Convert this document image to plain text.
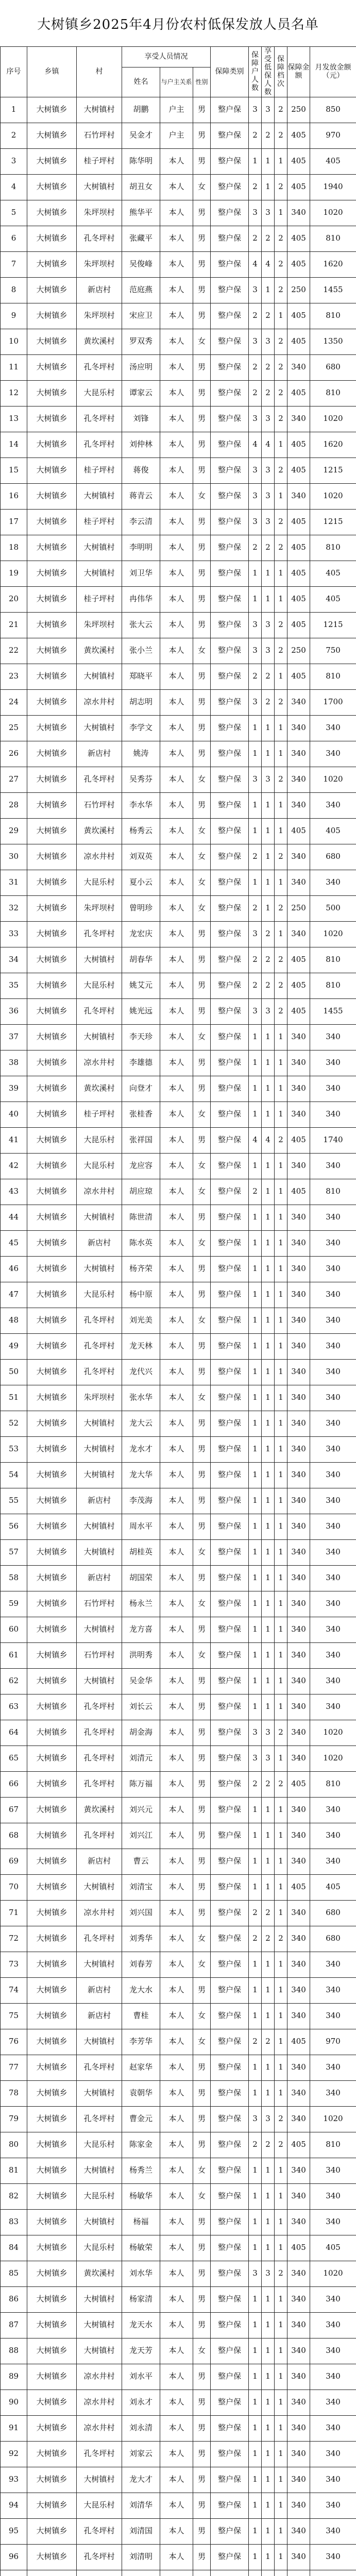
大树镇乡2025年4月份农村低保发放人员名单
序号	乡镇	村	享受人员情况			保障类别	保障户人数	享受低保人数	保障档次	保障金额	月发放金额（元）
			姓名	与户主关系	性别						
1	大树镇乡	大树镇村	胡鹏	户主	男	整户保	3	3	2	250	850
2	大树镇乡	石竹坪村	吴金才	户主	男	整户保	2	2	2	405	970
3	大树镇乡	桂子坪村	陈华明	本人	男	整户保	1	1	1	405	405
4	大树镇乡	大树镇村	胡丑女	本人	女	整户保	2	1	2	405	1940
5	大树镇乡	朱坪坝村	熊华平	本人	男	整户保	3	3	1	340	1020
6	大树镇乡	孔冬坪村	张藏平	本人	男	整户保	2	2	2	405	810
7	大树镇乡	朱坪坝村	吴俊峰	本人	男	整户保	4	4	2	405	1620
8	大树镇乡	新店村	范庭燕	本人	男	整户保	3	1	2	250	1455
9	大树镇乡	朱坪坝村	宋应卫	本人	男	整户保	2	2	1	405	810
10	大树镇乡	黄坎溪村	罗双秀	本人	女	整户保	3	3	2	405	1350
11	大树镇乡	孔冬坪村	汤应明	本人	男	整户保	2	2	2	340	680
12	大树镇乡	大昆乐村	谭家云	本人	男	整户保	2	2	2	405	810
13	大树镇乡	孔冬坪村	刘锋	本人	男	整户保	3	3	2	340	1020
14	大树镇乡	孔冬坪村	刘仲林	本人	男	整户保	4	4	1	405	1620
15	大树镇乡	桂子坪村	蒋俊	本人	男	整户保	3	3	2	405	1215
16	大树镇乡	大树镇村	蒋青云	本人	女	整户保	3	3	1	340	1020
17	大树镇乡	桂子坪村	李云清	本人	男	整户保	3	3	2	405	1215
18	大树镇乡	大树镇村	李明明	本人	男	整户保	2	2	2	405	810
19	大树镇乡	大树镇村	刘卫华	本人	男	整户保	1	1	1	405	405
20	大树镇乡	桂子坪村	冉伟华	本人	男	整户保	1	1	1	405	405
21	大树镇乡	朱坪坝村	张大云	本人	男	整户保	3	3	2	405	1215
22	大树镇乡	黄坎溪村	张小兰	本人	女	整户保	3	3	2	250	750
23	大树镇乡	大树镇村	郑晓平	本人	男	整户保	2	2	1	405	810
24	大树镇乡	凉水井村	胡志明	本人	男	整户保	3	2	2	340	1700
25	大树镇乡	大树镇村	李学文	本人	男	整户保	1	1	1	340	340
26	大树镇乡	新店村	姚涛	本人	男	整户保	1	1	1	340	340
27	大树镇乡	孔冬坪村	吴秀芬	本人	女	整户保	3	3	2	340	1020
28	大树镇乡	石竹坪村	李水华	本人	男	整户保	1	1	1	340	340
29	大树镇乡	黄坎溪村	杨秀云	本人	女	整户保	1	1	1	405	405
30	大树镇乡	凉水井村	刘双英	本人	女	整户保	2	1	2	340	680
31	大树镇乡	大昆乐村	夏小云	本人	女	整户保	1	1	1	340	340
32	大树镇乡	朱坪坝村	曾明珍	本人	女	整户保	2	1	2	250	500
33	大树镇乡	孔冬坪村	龙宏庆	本人	男	整户保	3	2	1	340	1020
34	大树镇乡	大树镇村	胡春华	本人	男	整户保	2	2	2	405	810
35	大树镇乡	大昆乐村	姚艾元	本人	男	整户保	2	2	2	405	810
36	大树镇乡	孔冬坪村	姚光远	本人	男	整户保	3	3	2	405	1455
37	大树镇乡	大树镇村	李天珍	本人	女	整户保	1	1	1	340	340
38	大树镇乡	凉水井村	李雄德	本人	男	整户保	1	1	1	340	340
39	大树镇乡	黄坎溪村	向登才	本人	男	整户保	1	1	1	340	340
40	大树镇乡	桂子坪村	张桂香	本人	女	整户保	1	1	1	340	340
41	大树镇乡	大昆乐村	张祥国	本人	男	整户保	4	4	2	405	1740
42	大树镇乡	大昆乐村	龙应容	本人	女	整户保	1	1	1	340	340
43	大树镇乡	凉水井村	胡应琼	本人	女	整户保	2	1	1	405	810
44	大树镇乡	大树镇村	陈世清	本人	男	整户保	1	1	1	340	340
45	大树镇乡	新店村	陈水英	本人	女	整户保	1	1	1	340	340
46	大树镇乡	大树镇村	杨齐荣	本人	男	整户保	1	1	1	340	340
47	大树镇乡	大昆乐村	杨中原	本人	男	整户保	1	1	1	340	340
48	大树镇乡	孔冬坪村	刘光美	本人	女	整户保	1	1	1	340	340
49	大树镇乡	孔冬坪村	龙天林	本人	男	整户保	1	1	1	340	340
50	大树镇乡	孔冬坪村	龙代兴	本人	男	整户保	1	1	1	340	340
51	大树镇乡	朱坪坝村	张水华	本人	女	整户保	1	1	1	340	340
52	大树镇乡	大树镇村	龙大云	本人	男	整户保	1	1	1	340	340
53	大树镇乡	大树镇村	龙水才	本人	男	整户保	1	1	1	340	340
54	大树镇乡	大树镇村	龙大华	本人	男	整户保	1	1	1	340	340
55	大树镇乡	新店村	李茂海	本人	男	整户保	1	1	1	340	340
56	大树镇乡	大树镇村	周水平	本人	男	整户保	1	1	1	340	340
57	大树镇乡	大树镇村	胡桂英	本人	女	整户保	1	1	1	340	340
58	大树镇乡	新店村	胡国荣	本人	男	整户保	1	1	1	340	340
59	大树镇乡	石竹坪村	杨永兰	本人	女	整户保	1	1	1	340	340
60	大树镇乡	大树镇村	龙方喜	本人	男	整户保	1	1	1	340	340
61	大树镇乡	石竹坪村	洪明秀	本人	女	整户保	1	1	1	340	340
62	大树镇乡	大树镇村	吴金华	本人	男	整户保	1	1	1	340	340
63	大树镇乡	孔冬坪村	刘长云	本人	男	整户保	1	1	1	340	340
64	大树镇乡	孔冬坪村	胡金海	本人	男	整户保	3	3	2	340	1020
65	大树镇乡	孔冬坪村	刘清元	本人	男	整户保	3	3	1	340	1020
66	大树镇乡	孔冬坪村	陈万福	本人	男	整户保	2	2	2	405	810
67	大树镇乡	黄坎溪村	刘兴元	本人	男	整户保	1	1	1	340	340
68	大树镇乡	孔冬坪村	刘兴江	本人	男	整户保	1	1	1	340	340
69	大树镇乡	新店村	曹云	本人	男	整户保	1	1	1	340	340
70	大树镇乡	大树镇村	刘清宝	本人	男	整户保	1	1	1	405	405
71	大树镇乡	凉水井村	刘兴国	本人	男	整户保	2	2	1	340	680
72	大树镇乡	孔冬坪村	刘秀华	本人	女	整户保	2	2	2	340	680
73	大树镇乡	大树镇村	刘春芳	本人	女	整户保	1	1	1	340	340
74	大树镇乡	新店村	龙大水	本人	男	整户保	1	1	1	340	340
75	大树镇乡	新店村	曹桂	本人	女	整户保	1	1	1	340	340
76	大树镇乡	大树镇村	李芳华	本人	女	整户保	2	2	1	405	970
77	大树镇乡	孔冬坪村	赵家华	本人	男	整户保	1	1	1	340	340
78	大树镇乡	大树镇村	袁朝华	本人	男	整户保	1	1	1	340	340
79	大树镇乡	孔冬坪村	曹金元	本人	男	整户保	3	3	2	340	1020
80	大树镇乡	大昆乐村	陈家金	本人	男	整户保	2	2	2	405	810
81	大树镇乡	大树镇村	杨秀兰	本人	女	整户保	1	1	1	340	340
82	大树镇乡	大昆乐村	杨敏华	本人	女	整户保	1	1	1	340	340
83	大树镇乡	大树镇村	杨福	本人	男	整户保	1	1	1	340	340
84	大树镇乡	大昆乐村	杨敏荣	本人	男	整户保	1	1	1	405	405
85	大树镇乡	黄坎溪村	刘水华	本人	男	整户保	3	3	2	340	1020
86	大树镇乡	大树镇村	杨家清	本人	男	整户保	1	1	1	340	340
87	大树镇乡	大树镇村	龙天水	本人	男	整户保	1	1	1	340	340
88	大树镇乡	大树镇村	龙天芳	本人	女	整户保	1	1	1	340	340
89	大树镇乡	凉水井村	刘水平	本人	男	整户保	1	1	1	340	340
90	大树镇乡	凉水井村	刘永才	本人	男	整户保	1	1	1	340	340
91	大树镇乡	凉水井村	刘永清	本人	男	整户保	1	1	1	340	340
92	大树镇乡	孔冬坪村	刘家云	本人	男	整户保	1	1	1	340	340
93	大树镇乡	大树镇村	龙大才	本人	男	整户保	1	1	1	340	340
94	大树镇乡	大昆乐村	刘清华	本人	男	整户保	1	1	1	340	340
95	大树镇乡	孔冬坪村	刘清国	本人	男	整户保	1	1	1	340	340
96	大树镇乡	孔冬坪村	刘清明	本人	男	整户保	1	1	1	340	340
